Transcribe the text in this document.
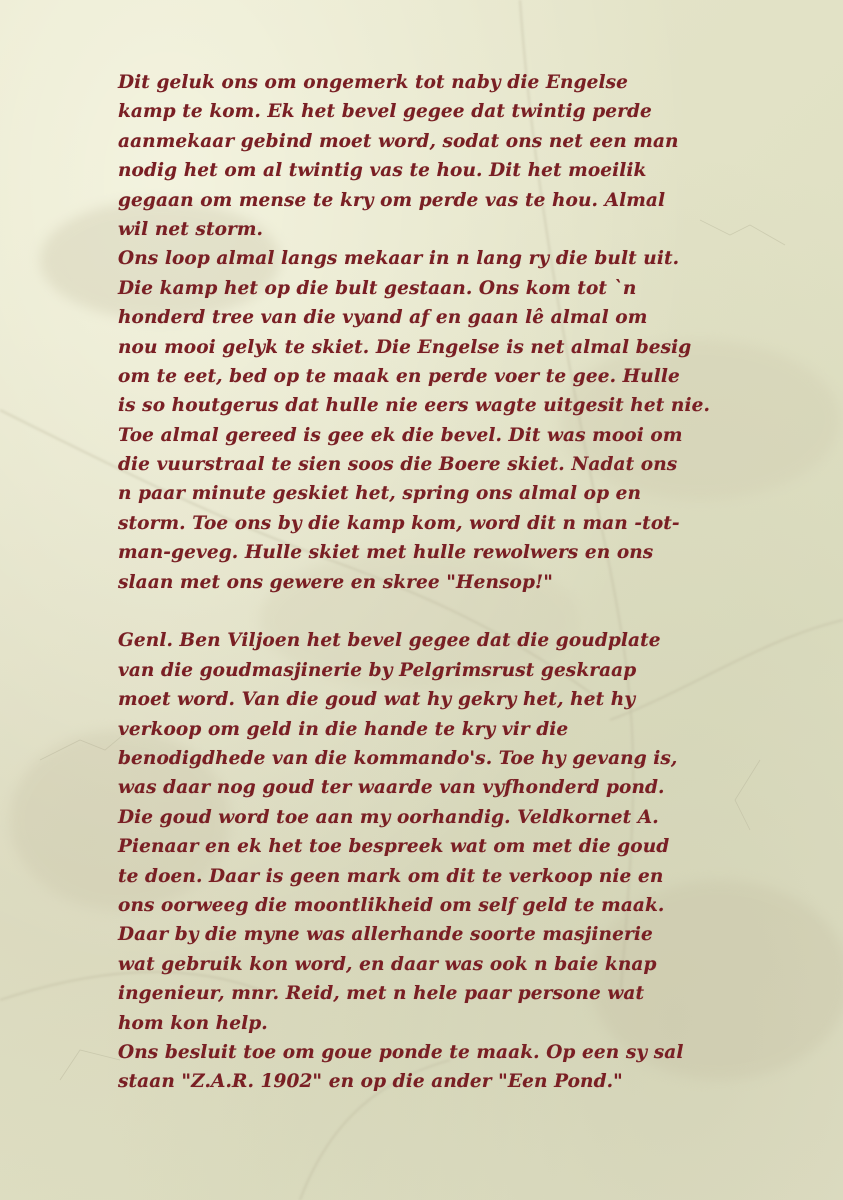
Dit geluk ons om ongemerk tot naby die Engelse
kamp te kom. Ek het bevel gegee dat twintig perde
aanmekaar gebind moet word, sodat ons net een man
nodig het om al twintig vas te hou. Dit het moeilik
gegaan om mense te kry om perde vas te hou. Almal
wil net storm.
Ons loop almal langs mekaar in n lang ry die bult uit.
Die kamp het op die bult gestaan. Ons kom tot `n
honderd tree van die vyand af en gaan lê almal om
nou mooi gelyk te skiet. Die Engelse is net almal besig
om te eet, bed op te maak en perde voer te gee. Hulle
is so houtgerus dat hulle nie eers wagte uitgesit het nie.
Toe almal gereed is gee ek die bevel. Dit was mooi om
die vuurstraal te sien soos die Boere skiet. Nadat ons
n paar minute geskiet het, spring ons almal op en
storm. Toe ons by die kamp kom, word dit n man -tot-
man-geveg. Hulle skiet met hulle rewolwers en ons
slaan met ons gewere en skree "Hensop!"
Genl. Ben Viljoen het bevel gegee dat die goudplate
van die goudmasjinerie by Pelgrimsrust geskraap
moet word. Van die goud wat hy gekry het, het hy
verkoop om geld in die hande te kry vir die
benodigdhede van die kommando's. Toe hy gevang is,
was daar nog goud ter waarde van vyfhonderd pond.
Die goud word toe aan my oorhandig. Veldkornet A.
Pienaar en ek het toe bespreek wat om met die goud
te doen. Daar is geen mark om dit te verkoop nie en
ons oorweeg die moontlikheid om self geld te maak.
Daar by die myne was allerhande soorte masjinerie
wat gebruik kon word, en daar was ook n baie knap
ingenieur, mnr. Reid, met n hele paar persone wat
hom kon help.
Ons besluit toe om goue ponde te maak. Op een sy sal
staan "Z.A.R. 1902" en op die ander "Een Pond."
